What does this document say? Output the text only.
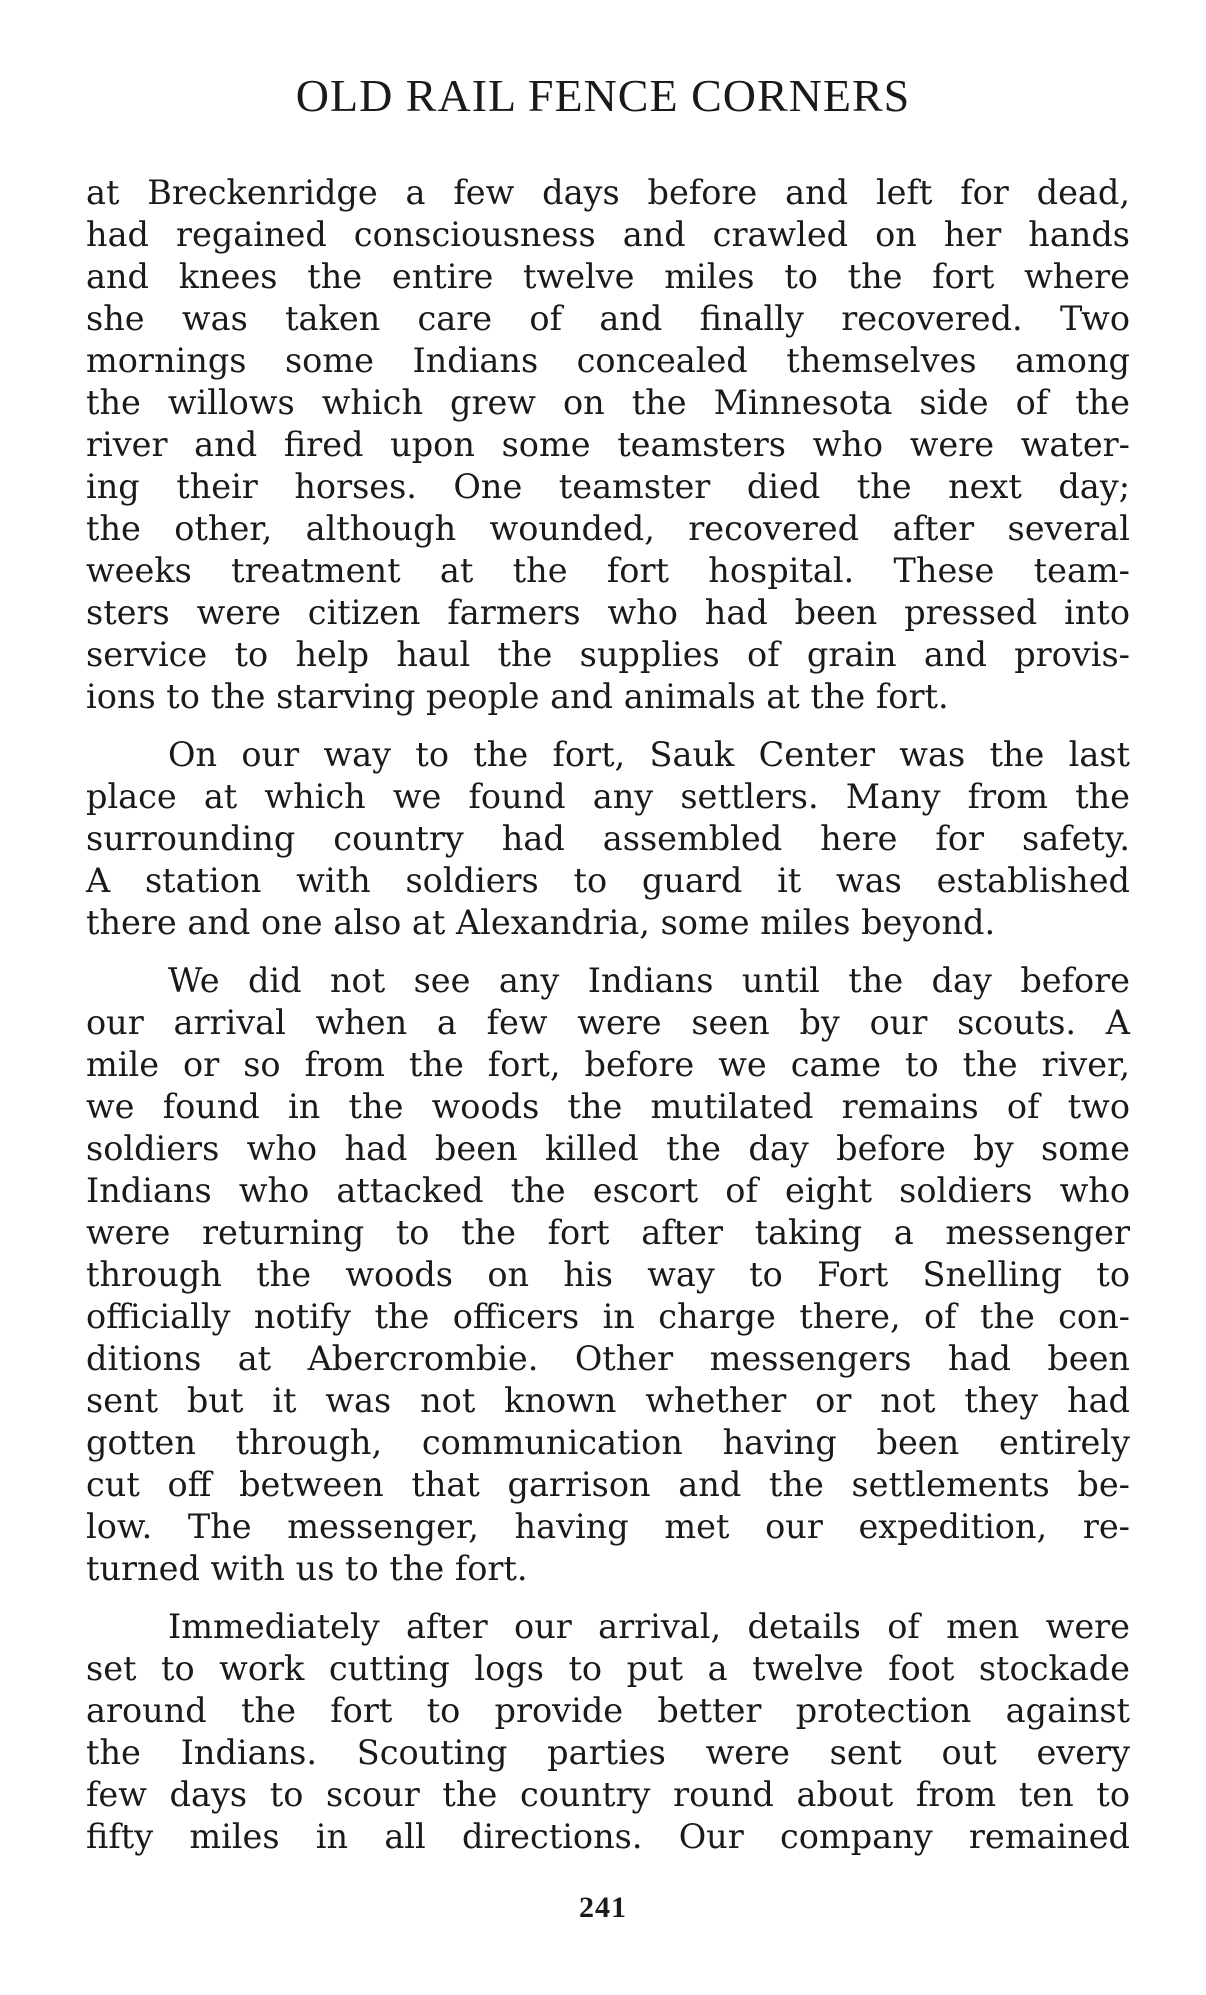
OLD RAIL FENCE CORNERS
at Breckenridge a few days before and left for dead,
had regained consciousness and crawled on her hands
and knees the entire twelve miles to the fort where
she was taken care of and finally recovered. Two
mornings some Indians concealed themselves among
the willows which grew on the Minnesota side of the
river and fired upon some teamsters who were water-
ing their horses. One teamster died the next day;
the other, although wounded, recovered after several
weeks treatment at the fort hospital. These team-
sters were citizen farmers who had been pressed into
service to help haul the supplies of grain and provis-
ions to the starving people and animals at the fort.
On our way to the fort, Sauk Center was the last
place at which we found any settlers. Many from the
surrounding country had assembled here for safety.
A station with soldiers to guard it was established
there and one also at Alexandria, some miles beyond.
We did not see any Indians until the day before
our arrival when a few were seen by our scouts. A
mile or so from the fort, before we came to the river,
we found in the woods the mutilated remains of two
soldiers who had been killed the day before by some
Indians who attacked the escort of eight soldiers who
were returning to the fort after taking a messenger
through the woods on his way to Fort Snelling to
officially notify the officers in charge there, of the con-
ditions at Abercrombie. Other messengers had been
sent but it was not known whether or not they had
gotten through, communication having been entirely
cut off between that garrison and the settlements be-
low. The messenger, having met our expedition, re-
turned with us to the fort.
Immediately after our arrival, details of men were
set to work cutting logs to put a twelve foot stockade
around the fort to provide better protection against
the Indians. Scouting parties were sent out every
few days to scour the country round about from ten to
fifty miles in all directions. Our company remained
241
